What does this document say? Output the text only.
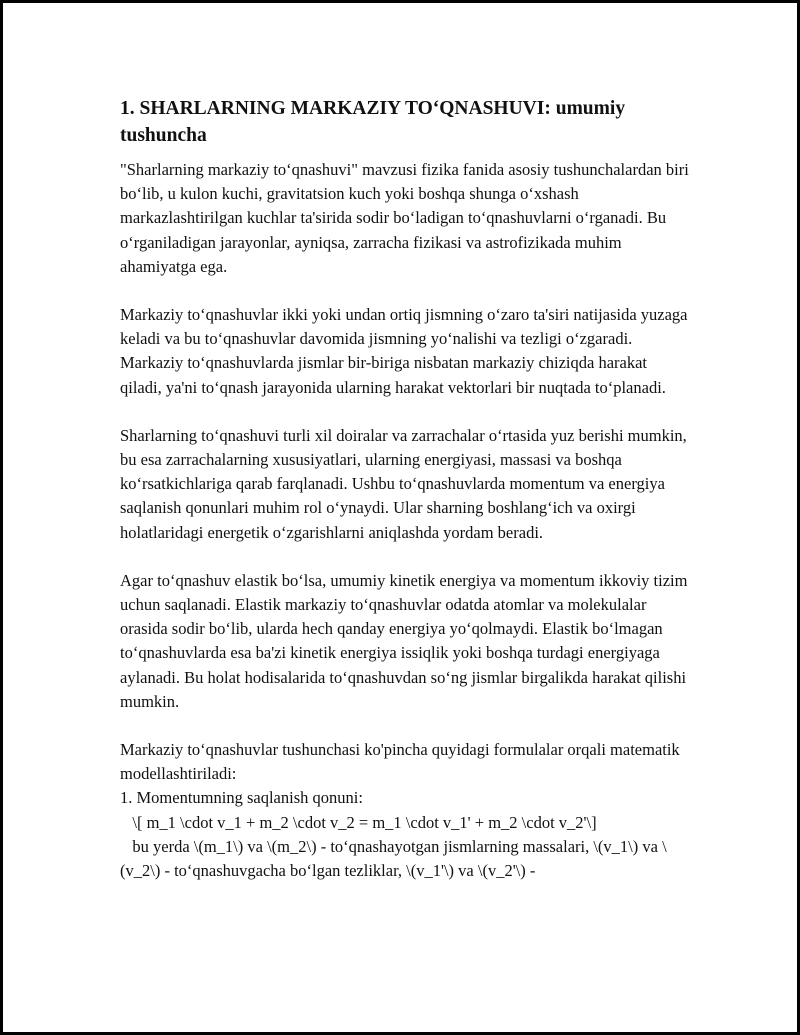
1. SHARLARNING MARKAZIY TO‘QNASHUVI: umumiy tushuncha

"Sharlarning markaziy to‘qnashuvi" mavzusi fizika fanida asosiy tushunchalardan biri bo‘lib, u kulon kuchi, gravitatsion kuch yoki boshqa shunga o‘xshash markazlashtirilgan kuchlar ta'sirida sodir bo‘ladigan to‘qnashuvlarni o‘rganadi. Bu o‘rganiladigan jarayonlar, ayniqsa, zarracha fizikasi va astrofizikada muhim ahamiyatga ega.

Markaziy to‘qnashuvlar ikki yoki undan ortiq jismning o‘zaro ta'siri natijasida yuzaga keladi va bu to‘qnashuvlar davomida jismning yo‘nalishi va tezligi o‘zgaradi. Markaziy to‘qnashuvlarda jismlar bir-biriga nisbatan markaziy chiziqda harakat qiladi, ya'ni to‘qnash jarayonida ularning harakat vektorlari bir nuqtada to‘planadi.

Sharlarning to‘qnashuvi turli xil doiralar va zarrachalar o‘rtasida yuz berishi mumkin, bu esa zarrachalarning xususiyatlari, ularning energiyasi, massasi va boshqa ko‘rsatkichlariga qarab farqlanadi. Ushbu to‘qnashuvlarda momentum va energiya saqlanish qonunlari muhim rol o‘ynaydi. Ular sharning boshlang‘ich va oxirgi holatlaridagi energetik o‘zgarishlarni aniqlashda yordam beradi.

Agar to‘qnashuv elastik bo‘lsa, umumiy kinetik energiya va momentum ikkoviy tizim uchun saqlanadi. Elastik markaziy to‘qnashuvlar odatda atomlar va molekulalar orasida sodir bo‘lib, ularda hech qanday energiya yo‘qolmaydi. Elastik bo‘lmagan to‘qnashuvlarda esa ba'zi kinetik energiya issiqlik yoki boshqa turdagi energiyaga aylanadi. Bu holat hodisalarida to‘qnashuvdan so‘ng jismlar birgalikda harakat qilishi mumkin.

Markaziy to‘qnashuvlar tushunchasi ko'pincha quyidagi formulalar orqali matematik modellashtiriladi:
1. Momentumning saqlanish qonuni:
\[ m_1 \cdot v_1 + m_2 \cdot v_2 = m_1 \cdot v_1' + m_2 \cdot v_2'\]
bu yerda \(m_1\) va \(m_2\) - to‘qnashayotgan jismlarning massalari, \(v_1\) va \(v_2\) - to‘qnashuvgacha bo‘lgan tezliklar, \(v_1'\) va \(v_2'\) -
